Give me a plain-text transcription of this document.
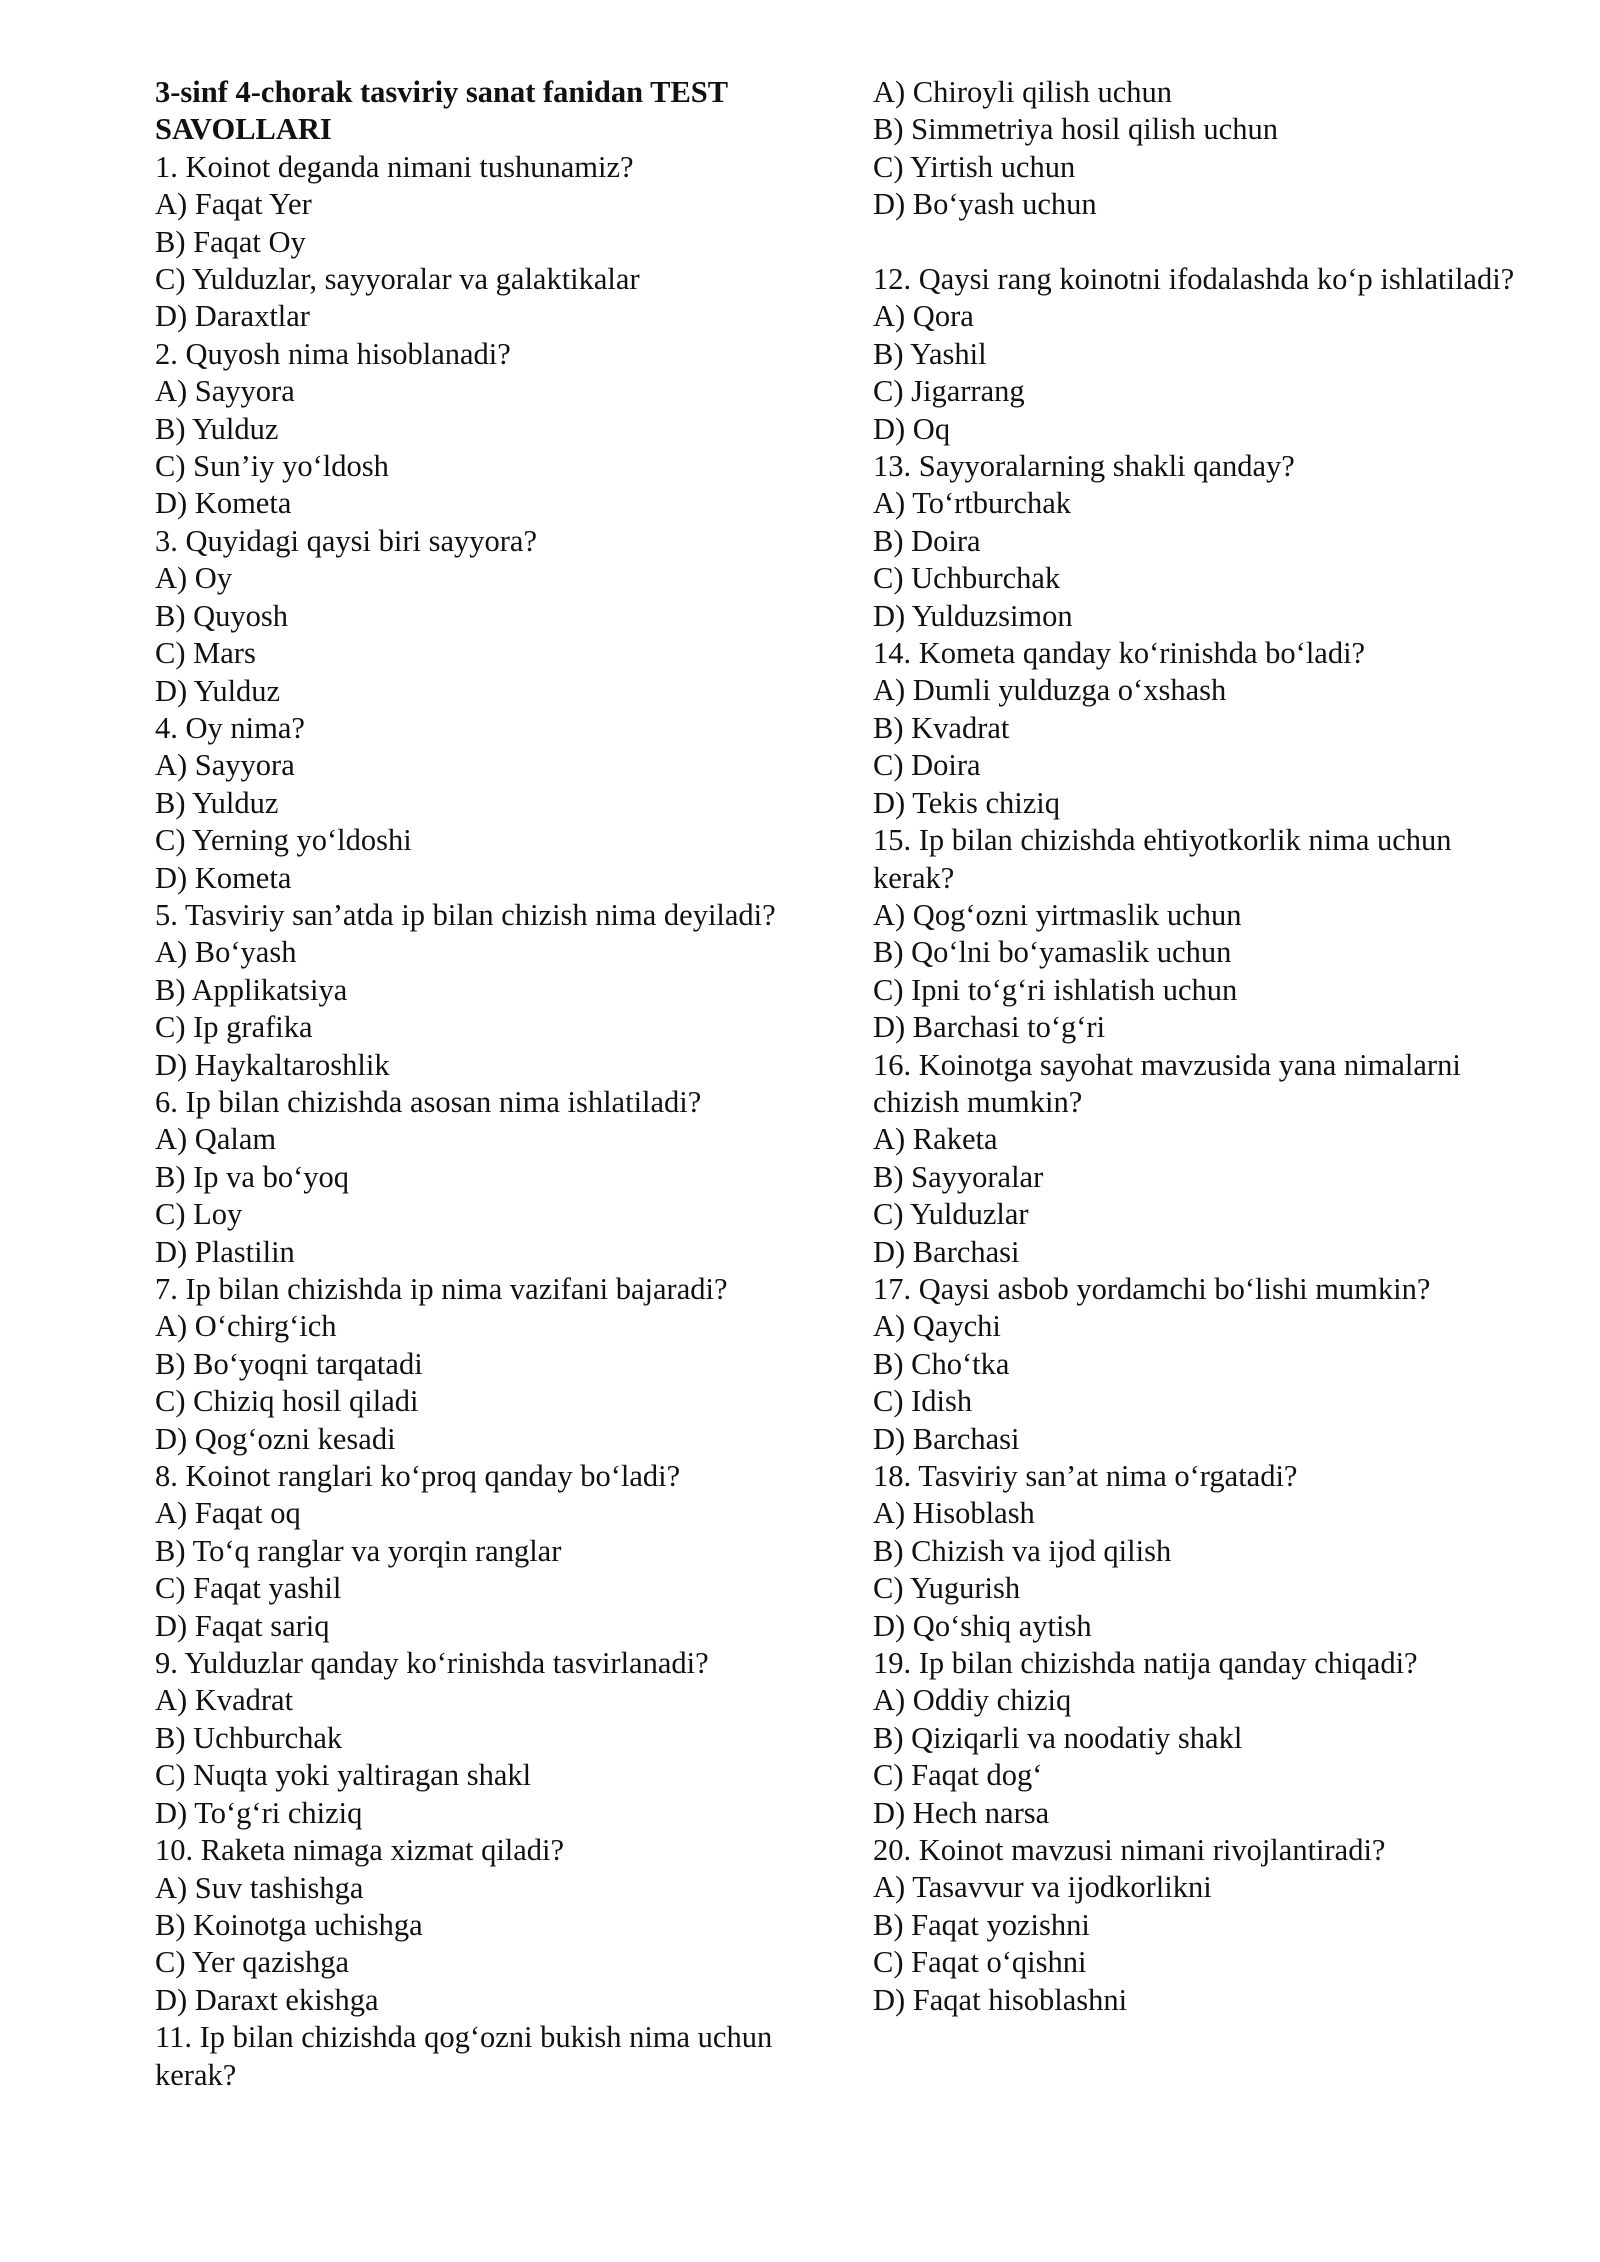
3-sinf 4-chorak tasviriy sanat fanidan TEST SAVOLLARI
1. Koinot deganda nimani tushunamiz?
A) Faqat Yer
B) Faqat Oy
C) Yulduzlar, sayyoralar va galaktikalar
D) Daraxtlar
2. Quyosh nima hisoblanadi?
A) Sayyora
B) Yulduz
C) Sun’iy yo‘ldosh
D) Kometa
3. Quyidagi qaysi biri sayyora?
A) Oy
B) Quyosh
C) Mars
D) Yulduz
4. Oy nima?
A) Sayyora
B) Yulduz
C) Yerning yo‘ldoshi
D) Kometa
5. Tasviriy san’atda ip bilan chizish nima deyiladi?
A) Bo‘yash
B) Applikatsiya
C) Ip grafika
D) Haykaltaroshlik
6. Ip bilan chizishda asosan nima ishlatiladi?
A) Qalam
B) Ip va bo‘yoq
C) Loy
D) Plastilin
7. Ip bilan chizishda ip nima vazifani bajaradi?
A) O‘chirg‘ich
B) Bo‘yoqni tarqatadi
C) Chiziq hosil qiladi
D) Qog‘ozni kesadi
8. Koinot ranglari ko‘proq qanday bo‘ladi?
A) Faqat oq
B) To‘q ranglar va yorqin ranglar
C) Faqat yashil
D) Faqat sariq
9. Yulduzlar qanday ko‘rinishda tasvirlanadi?
A) Kvadrat
B) Uchburchak
C) Nuqta yoki yaltiragan shakl
D) To‘g‘ri chiziq
10. Raketa nimaga xizmat qiladi?
A) Suv tashishga
B) Koinotga uchishga
C) Yer qazishga
D) Daraxt ekishga
11. Ip bilan chizishda qog‘ozni bukish nima uchun kerak?
A) Chiroyli qilish uchun
B) Simmetriya hosil qilish uchun
C) Yirtish uchun
D) Bo‘yash uchun
12. Qaysi rang koinotni ifodalashda ko‘p ishlatiladi?
A) Qora
B) Yashil
C) Jigarrang
D) Oq
13. Sayyoralarning shakli qanday?
A) To‘rtburchak
B) Doira
C) Uchburchak
D) Yulduzsimon
14. Kometa qanday ko‘rinishda bo‘ladi?
A) Dumli yulduzga o‘xshash
B) Kvadrat
C) Doira
D) Tekis chiziq
15. Ip bilan chizishda ehtiyotkorlik nima uchun kerak?
A) Qog‘ozni yirtmaslik uchun
B) Qo‘lni bo‘yamaslik uchun
C) Ipni to‘g‘ri ishlatish uchun
D) Barchasi to‘g‘ri
16. Koinotga sayohat mavzusida yana nimalarni chizish mumkin?
A) Raketa
B) Sayyoralar
C) Yulduzlar
D) Barchasi
17. Qaysi asbob yordamchi bo‘lishi mumkin?
A) Qaychi
B) Cho‘tka
C) Idish
D) Barchasi
18. Tasviriy san’at nima o‘rgatadi?
A) Hisoblash
B) Chizish va ijod qilish
C) Yugurish
D) Qo‘shiq aytish
19. Ip bilan chizishda natija qanday chiqadi?
A) Oddiy chiziq
B) Qiziqarli va noodatiy shakl
C) Faqat dog‘
D) Hech narsa
20. Koinot mavzusi nimani rivojlantiradi?
A) Tasavvur va ijodkorlikni
B) Faqat yozishni
C) Faqat o‘qishni
D) Faqat hisoblashni
